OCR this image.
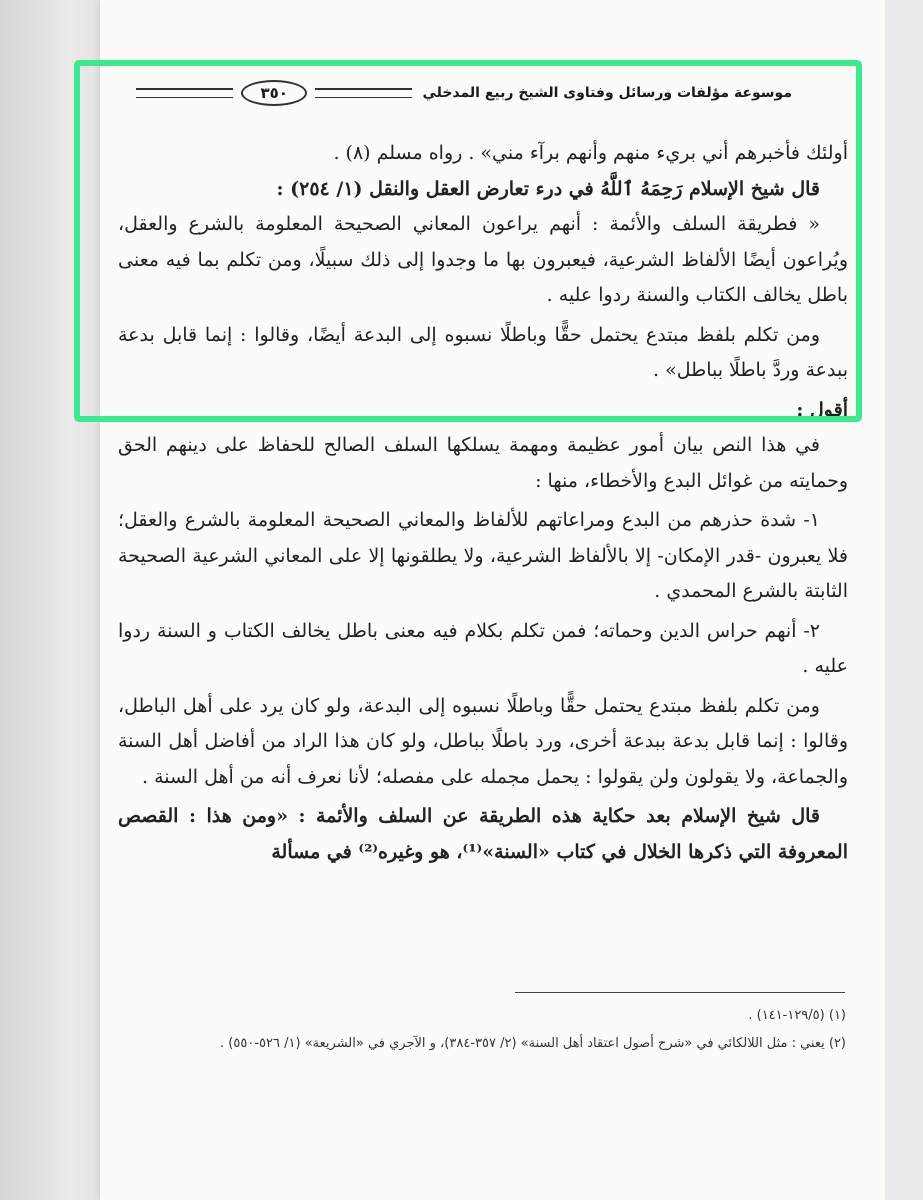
موسوعة مؤلفات ورسائل وفتاوى الشيخ ربيع المدخلي
٣٥٠

أولئك فأخبرهم أني بريء منهم وأنهم برآء مني» . رواه مسلم (٨) .

قال شيخ الإسلام رَحِمَهُ ٱللَّهُ في درء تعارض العقل والنقل (١/ ٢٥٤) :

« فطريقة السلف والأئمة : أنهم يراعون المعاني الصحيحة المعلومة بالشرع والعقل، ويُراعون أيضًا الألفاظ الشرعية، فيعبرون بها ما وجدوا إلى ذلك سبيلًا، ومن تكلم بما فيه معنى باطل يخالف الكتاب والسنة ردوا عليه .

ومن تكلم بلفظ مبتدع يحتمل حقًّا وباطلًا نسبوه إلى البدعة أيضًا، وقالوا : إنما قابل بدعة ببدعة وردَّ باطلًا بباطل» .

أقول :

في هذا النص بيان أمور عظيمة ومهمة يسلكها السلف الصالح للحفاظ على دينهم الحق وحمايته من غوائل البدع والأخطاء، منها :

١- شدة حذرهم من البدع ومراعاتهم للألفاظ والمعاني الصحيحة المعلومة بالشرع والعقل؛ فلا يعبرون -قدر الإمكان- إلا بالألفاظ الشرعية، ولا يطلقونها إلا على المعاني الشرعية الصحيحة الثابتة بالشرع المحمدي .

٢- أنهم حراس الدين وحماته؛ فمن تكلم بكلام فيه معنى باطل يخالف الكتاب و السنة ردوا عليه .

ومن تكلم بلفظ مبتدع يحتمل حقًّا وباطلًا نسبوه إلى البدعة، ولو كان يرد على أهل الباطل، وقالوا : إنما قابل بدعة ببدعة أخرى، ورد باطلًا بباطل، ولو كان هذا الراد من أفاضل أهل السنة والجماعة، ولا يقولون ولن يقولوا : يحمل مجمله على مفصله؛ لأنا نعرف أنه من أهل السنة .

قال شيخ الإسلام بعد حكاية هذه الطريقة عن السلف والأئمة : «ومن هذا : القصص المعروفة التي ذكرها الخلال في كتاب «السنة»⁽¹⁾، هو وغيره⁽²⁾ في مسألة

(١) (١٢٩/٥-١٤١) .

(٢) يعني : مثل اللالكائي في «شرح أصول اعتقاد أهل السنة» (٢/ ٣٥٧-٣٨٤)، و الآجري في «الشريعة» (١/ ٥٢٦-٥٥٠) .
